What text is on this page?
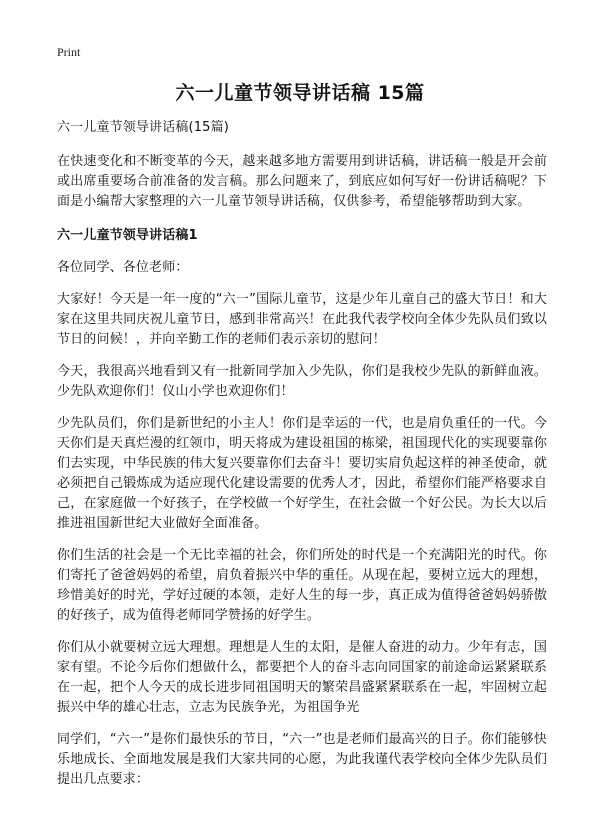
Print
六一儿童节领导讲话稿 15篇

六一儿童节领导讲话稿(15篇)

在快速变化和不断变革的今天，越来越多地方需要用到讲话稿，讲话稿一般是开会前或出席重要场合前准备的发言稿。那么问题来了，到底应如何写好一份讲话稿呢？下面是小编帮大家整理的六一儿童节领导讲话稿，仅供参考，希望能够帮助到大家。

六一儿童节领导讲话稿1

各位同学、各位老师：

大家好！今天是一年一度的“六一”国际儿童节，这是少年儿童自己的盛大节日！和大家在这里共同庆祝儿童节日，感到非常高兴！在此我代表学校向全体少先队员们致以节日的问候！，并向辛勤工作的老师们表示亲切的慰问！

今天，我很高兴地看到又有一批新同学加入少先队，你们是我校少先队的新鲜血液。少先队欢迎你们！仪山小学也欢迎你们！

少先队员们，你们是新世纪的小主人！你们是幸运的一代，也是肩负重任的一代。今天你们是天真烂漫的红领巾，明天将成为建设祖国的栋梁，祖国现代化的实现要靠你们去实现，中华民族的伟大复兴要靠你们去奋斗！要切实肩负起这样的神圣使命，就必须把自己锻炼成为适应现代化建设需要的优秀人才，因此，希望你们能严格要求自己，在家庭做一个好孩子，在学校做一个好学生，在社会做一个好公民。为长大以后推进祖国新世纪大业做好全面准备。

你们生活的社会是一个无比幸福的社会，你们所处的时代是一个充满阳光的时代。你们寄托了爸爸妈妈的希望，肩负着振兴中华的重任。从现在起，要树立远大的理想，珍惜美好的时光，学好过硬的本领，走好人生的每一步，真正成为值得爸爸妈妈骄傲的好孩子，成为值得老师同学赞扬的好学生。

你们从小就要树立远大理想。理想是人生的太阳，是催人奋进的动力。少年有志，国家有望。不论今后你们想做什么，都要把个人的奋斗志向同国家的前途命运紧紧联系在一起，把个人今天的成长进步同祖国明天的繁荣昌盛紧紧联系在一起，牢固树立起振兴中华的雄心壮志，立志为民族争光，为祖国争光

同学们，“六一”是你们最快乐的节日，“六一”也是老师们最高兴的日子。你们能够快乐地成长、全面地发展是我们大家共同的心愿，为此我谨代表学校向全体少先队员们提出几点要求：
